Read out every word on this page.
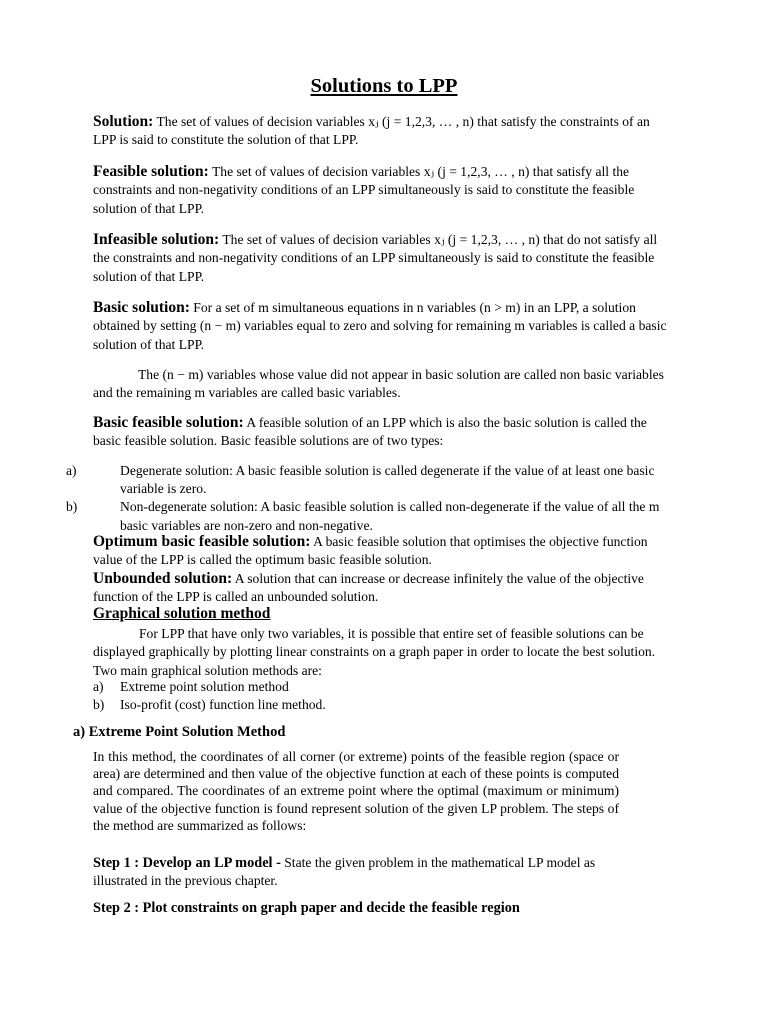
Solutions to LPP
Solution: The set of values of decision variables xⱼ (j = 1,2,3, … , n) that satisfy the constraints of an LPP is said to constitute the solution of that LPP.
Feasible solution: The set of values of decision variables xⱼ (j = 1,2,3, … , n) that satisfy all the constraints and non-negativity conditions of an LPP simultaneously is said to constitute the feasible solution of that LPP.
Infeasible solution: The set of values of decision variables xⱼ (j = 1,2,3, … , n) that do not satisfy all the constraints and non-negativity conditions of an LPP simultaneously is said to constitute the feasible solution of that LPP.
Basic solution: For a set of m simultaneous equations in n variables (n > m) in an LPP, a solution obtained by setting (n − m) variables equal to zero and solving for remaining m variables is called a basic solution of that LPP.
The (n − m) variables whose value did not appear in basic solution are called non basic variables and the remaining m variables are called basic variables.
Basic feasible solution: A feasible solution of an LPP which is also the basic solution is called the basic feasible solution. Basic feasible solutions are of two types:
a)	Degenerate solution: A basic feasible solution is called degenerate if the value of at least one basic variable is zero.
b)	Non-degenerate solution: A basic feasible solution is called non-degenerate if the value of all the m basic variables are non-zero and non-negative.
Optimum basic feasible solution: A basic feasible solution that optimises the objective function value of the LPP is called the optimum basic feasible solution.
Unbounded solution: A solution that can increase or decrease infinitely the value of the objective function of the LPP is called an unbounded solution.
Graphical solution method
For LPP that have only two variables, it is possible that entire set of feasible solutions can be displayed graphically by plotting linear constraints on a graph paper in order to locate the best solution. Two main graphical solution methods are:
a) Extreme point solution method
b) Iso-profit (cost) function line method.
a) Extreme Point Solution Method
In this method, the coordinates of all corner (or extreme) points of the feasible region (space or area) are determined and then value of the objective function at each of these points is computed and compared. The coordinates of an extreme point where the optimal (maximum or minimum) value of the objective function is found represent solution of the given LP problem. The steps of the method are summarized as follows:
Step 1 : Develop an LP model - State the given problem in the mathematical LP model as illustrated in the previous chapter.
Step 2 : Plot constraints on graph paper and decide the feasible region
